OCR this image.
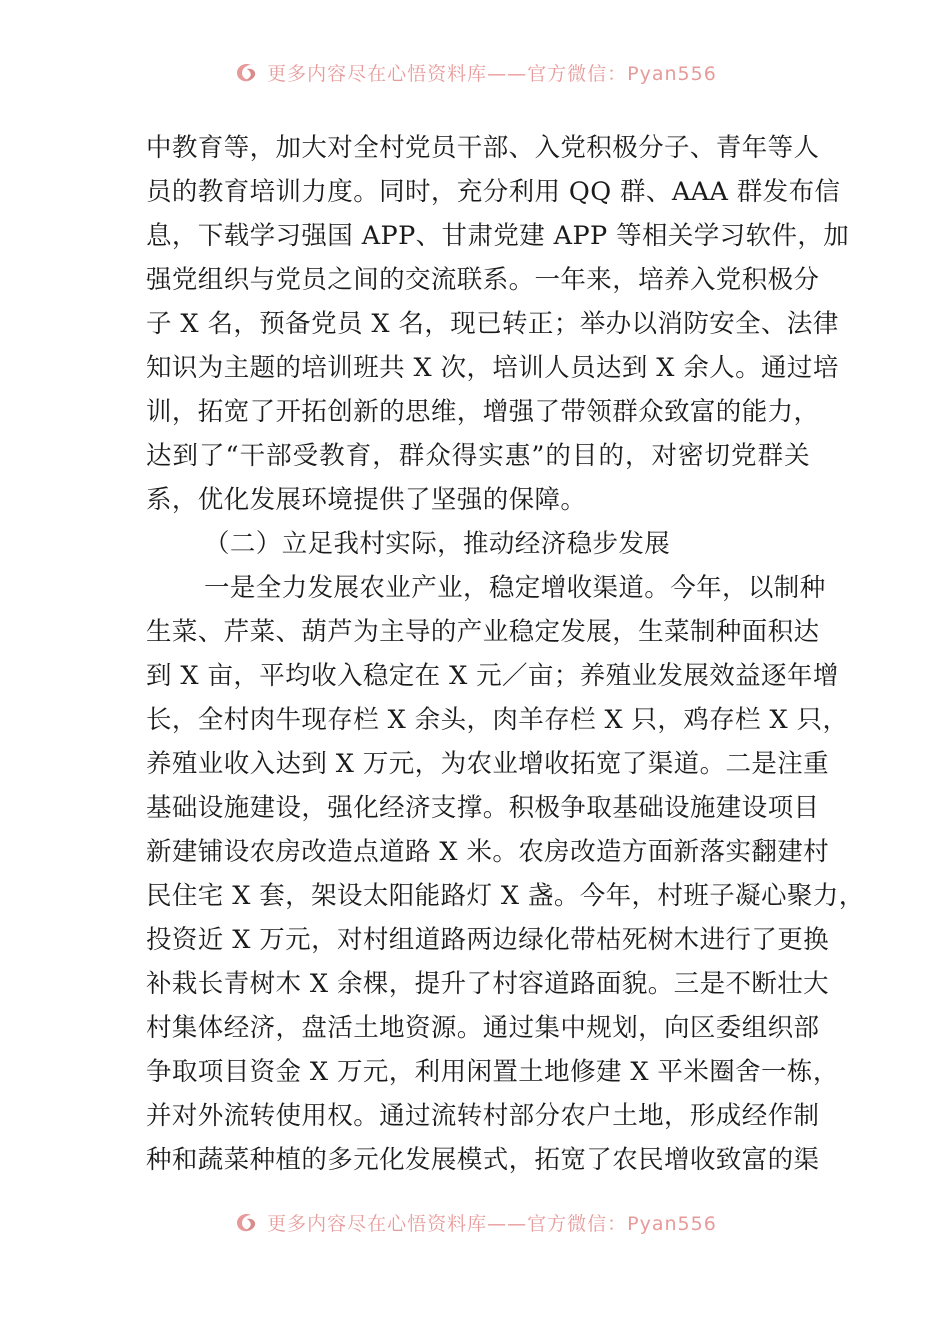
更多内容尽在心悟资料库——官方微信：Pyan556
中教育等，加大对全村党员干部、入党积极分子、青年等人
员的教育培训力度。同时，充分利用 QQ 群、AAA 群发布信
息，下载学习强国 APP、甘肃党建 APP 等相关学习软件，加
强党组织与党员之间的交流联系。一年来，培养入党积极分
子 X 名，预备党员 X 名，现已转正；举办以消防安全、法律
知识为主题的培训班共 X 次，培训人员达到 X 余人。通过培
训，拓宽了开拓创新的思维，增强了带领群众致富的能力，
达到了“干部受教育，群众得实惠”的目的，对密切党群关
系，优化发展环境提供了坚强的保障。
（二）立足我村实际，推动经济稳步发展
一是全力发展农业产业，稳定增收渠道。今年，以制种
生菜、芹菜、葫芦为主导的产业稳定发展，生菜制种面积达
到 X 亩，平均收入稳定在 X 元／亩；养殖业发展效益逐年增
长，全村肉牛现存栏 X 余头，肉羊存栏 X 只，鸡存栏 X 只，
养殖业收入达到 X 万元，为农业增收拓宽了渠道。二是注重
基础设施建设，强化经济支撑。积极争取基础设施建设项目
新建铺设农房改造点道路 X 米。农房改造方面新落实翻建村
民住宅 X 套，架设太阳能路灯 X 盏。今年，村班子凝心聚力，
投资近 X 万元，对村组道路两边绿化带枯死树木进行了更换
补栽长青树木 X 余棵，提升了村容道路面貌。三是不断壮大
村集体经济，盘活土地资源。通过集中规划，向区委组织部
争取项目资金 X 万元，利用闲置土地修建 X 平米圈舍一栋，
并对外流转使用权。通过流转村部分农户土地，形成经作制
种和蔬菜种植的多元化发展模式，拓宽了农民增收致富的渠
更多内容尽在心悟资料库——官方微信：Pyan556
